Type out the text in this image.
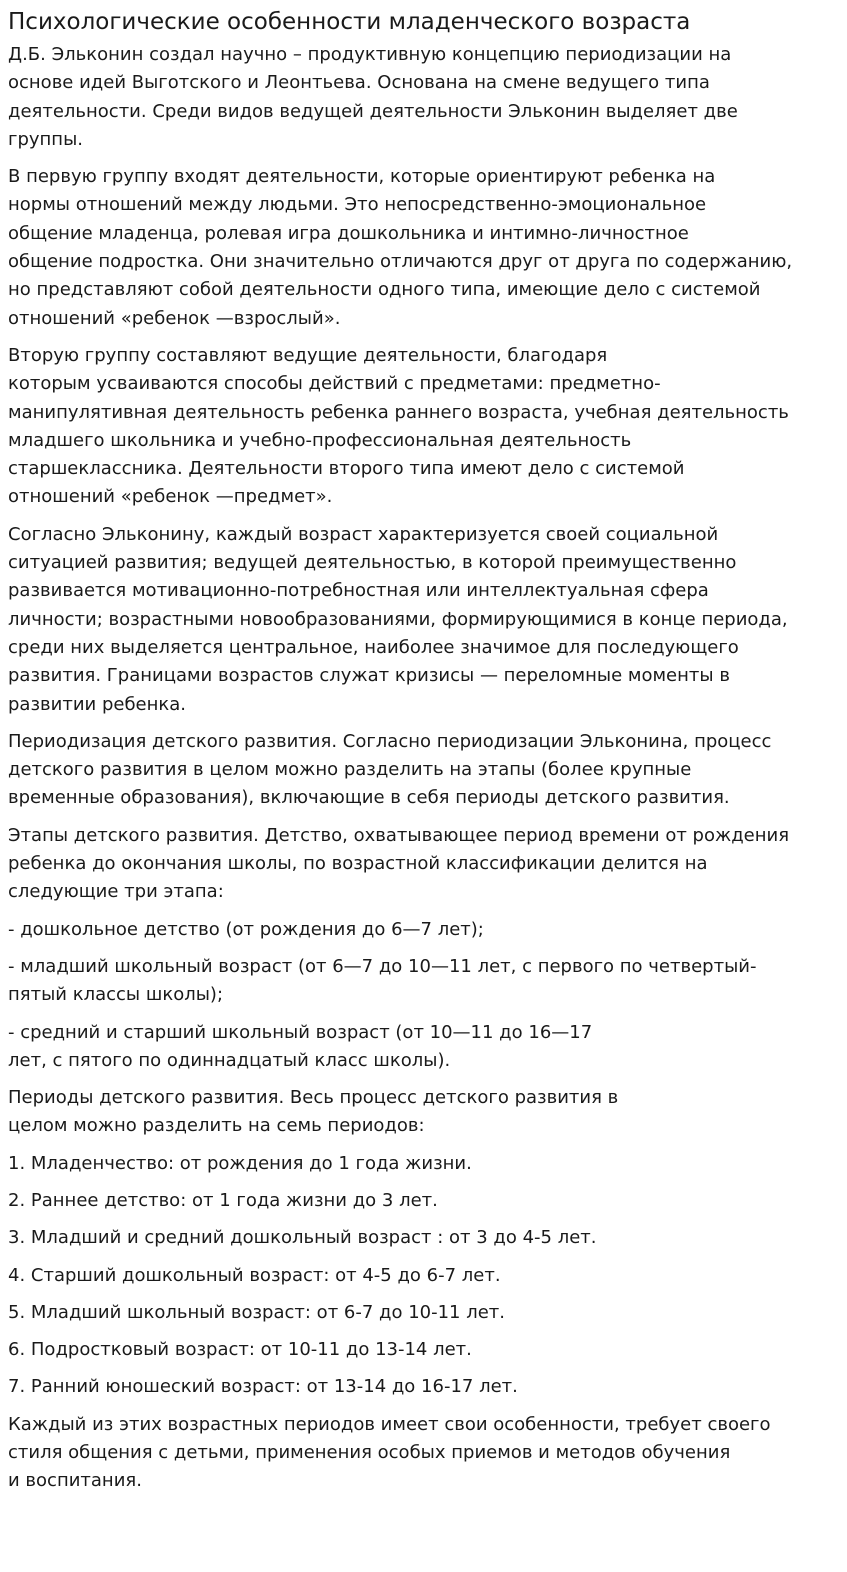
Психологические особенности младенческого возраста

Д.Б. Эльконин создал научно – продуктивную концепцию периодизации на
основе идей Выготского и Леонтьева. Основана на смене ведущего типа
деятельности. Среди видов ведущей деятельности Эльконин выделяет две
группы.

В первую группу входят деятельности, которые ориентируют ребенка на
нормы отношений между людьми. Это непосредственно-эмоциональное
общение младенца, ролевая игра дошкольника и интимно-личностное
общение подростка. Они значительно отличаются друг от друга по содержанию,
но представляют собой деятельности одного типа, имеющие дело с системой
отношений «ребенок —взрослый».

Вторую группу составляют ведущие деятельности, благодаря
которым усваиваются способы действий с предметами: предметно-
манипулятивная деятельность ребенка раннего возраста, учебная деятельность
младшего школьника и учебно-профессиональная деятельность
старшеклассника. Деятельности второго типа имеют дело с системой
отношений «ребенок —предмет».

Согласно Эльконину, каждый возраст характеризуется своей социальной
ситуацией развития; ведущей деятельностью, в которой преимущественно
развивается мотивационно-потребностная или интеллектуальная сфера
личности; возрастными новообразованиями, формирующимися в конце периода,
среди них выделяется центральное, наиболее значимое для последующего
развития. Границами возрастов служат кризисы — переломные моменты в
развитии ребенка.

Периодизация детского развития. Согласно периодизации Эльконина, процесс
детского развития в целом можно разделить на этапы (более крупные
временные образования), включающие в себя периоды детского развития.

Этапы детского развития. Детство, охватывающее период времени от рождения
ребенка до окончания школы, по возрастной классификации делится на
следующие три этапа:

- дошкольное детство (от рождения до 6—7 лет);

- младший школьный возраст (от 6—7 до 10—11 лет, с первого по четвертый-
пятый классы школы);

- средний и старший школьный возраст (от 10—11 до 16—17
лет, с пятого по одиннадцатый класс школы).

Периоды детского развития. Весь процесс детского развития в
целом можно разделить на семь периодов:

1. Младенчество: от рождения до 1 года жизни.

2. Раннее детство: от 1 года жизни до 3 лет.

3. Младший и средний дошкольный возраст : от 3 до 4-5 лет.

4. Старший дошкольный возраст: от 4-5 до 6-7 лет.

5. Младший школьный возраст: от 6-7 до 10-11 лет.

6. Подростковый возраст: от 10-11 до 13-14 лет.

7. Ранний юношеский возраст: от 13-14 до 16-17 лет.

Каждый из этих возрастных периодов имеет свои особенности, требует своего
стиля общения с детьми, применения особых приемов и методов обучения
и воспитания.
